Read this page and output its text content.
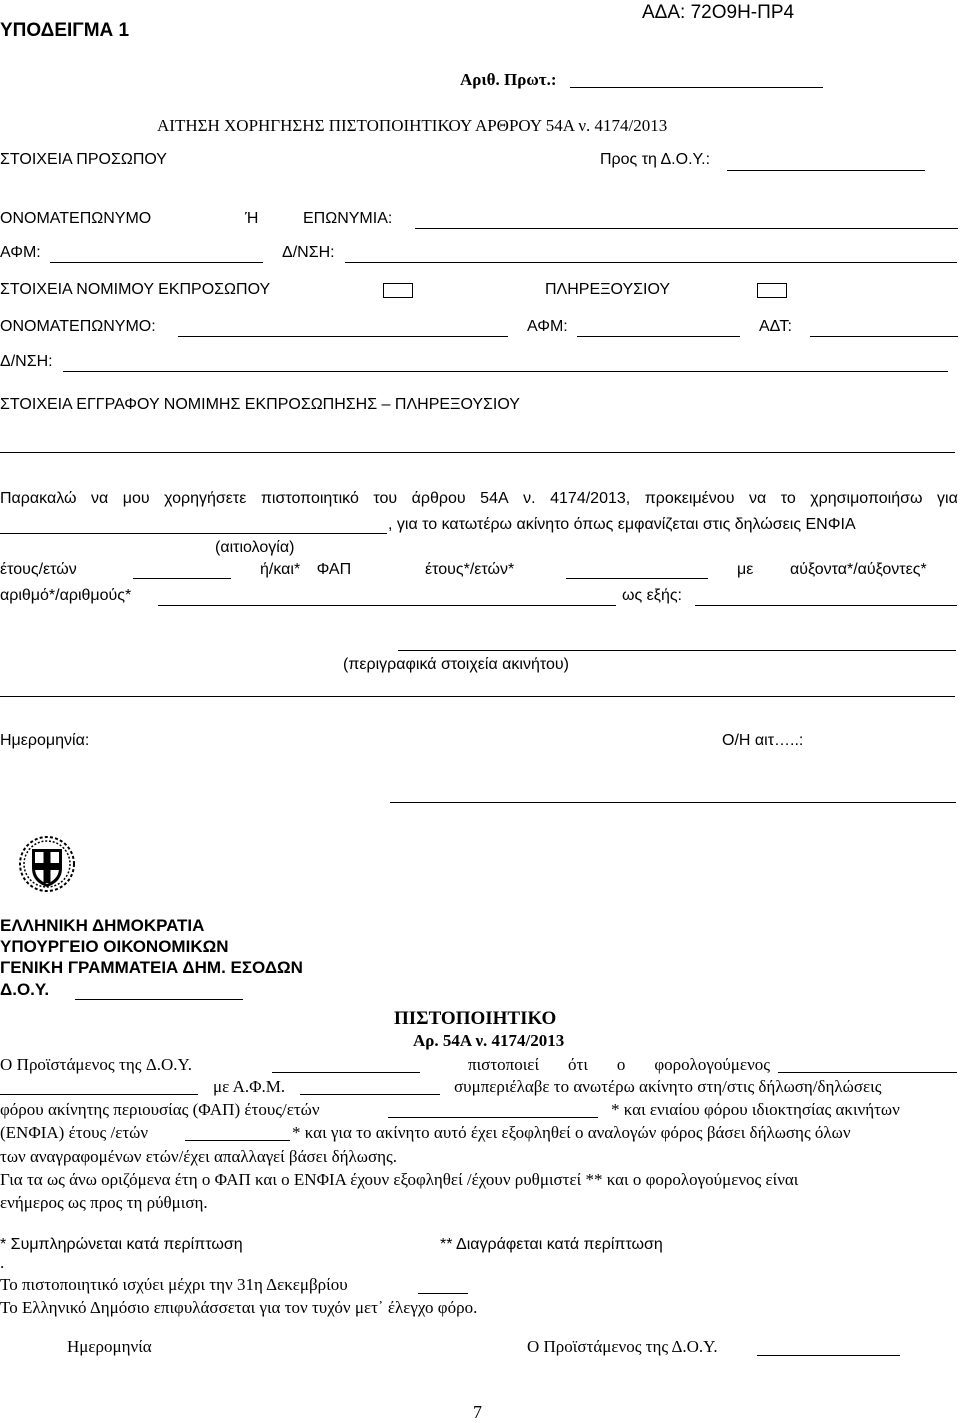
ΥΠΟΔΕΙΓΜΑ 1
ΑΔΑ: 72Ο9Η-ΠΡ4
Αριθ. Πρωτ.:
ΑΙΤΗΣΗ ΧΟΡΗΓΗΣΗΣ ΠΙΣΤΟΠΟΙΗΤΙΚΟΥ ΑΡΘΡΟΥ 54Α ν. 4174/2013
ΣΤΟΙΧΕΙΑ ΠΡΟΣΩΠΟΥ	Προς τη Δ.Ο.Υ.:
ΟΝΟΜΑΤΕΠΩΝΥΜΟ	Ή	ΕΠΩΝΥΜΙΑ:
ΑΦΜ:	Δ/ΝΣΗ:
ΣΤΟΙΧΕΙΑ ΝΟΜΙΜΟΥ ΕΚΠΡΟΣΩΠΟΥ	ΠΛΗΡΕΞΟΥΣΙΟΥ
ΟΝΟΜΑΤΕΠΩΝΥΜΟ:	ΑΦΜ:	ΑΔΤ:
Δ/ΝΣΗ:
ΣΤΟΙΧΕΙΑ ΕΓΓΡΑΦΟΥ ΝΟΜΙΜΗΣ ΕΚΠΡΟΣΩΠΗΣΗΣ – ΠΛΗΡΕΞΟΥΣΙΟΥ
Παρακαλώ να μου χορηγήσετε πιστοποιητικό του άρθρου 54Α ν. 4174/2013, προκειμένου να το χρησιμοποιήσω για
, για το κατωτέρω ακίνητο όπως εμφανίζεται στις δηλώσεις ΕΝΦΙΑ
(αιτιολογία)
έτους/ετών	ή/και* ΦΑΠ	έτους*/ετών*	με αύξοντα*/αύξοντες*
αριθμό*/αριθμούς*	ως εξής:
(περιγραφικά στοιχεία ακινήτου)
Ημερομηνία:	Ο/Η αιτ…..:
ΕΛΛΗΝΙΚΗ ΔΗΜΟΚΡΑΤΙΑ
ΥΠΟΥΡΓΕΙΟ ΟΙΚΟΝΟΜΙΚΩΝ
ΓΕΝΙΚΗ ΓΡΑΜΜΑΤΕΙΑ ΔΗΜ. ΕΣΟΔΩΝ
Δ.Ο.Υ.
ΠΙΣΤΟΠΟΙΗΤΙΚΟ
Αρ. 54Α ν. 4174/2013
Ο Προϊστάμενος της Δ.Ο.Υ.	πιστοποιεί ότι ο φορολογούμενος
με Α.Φ.Μ.	συμπεριέλαβε το ανωτέρω ακίνητο στη/στις δήλωση/δηλώσεις
φόρου ακίνητης περιουσίας (ΦΑΠ) έτους/ετών	* και ενιαίου φόρου ιδιοκτησίας ακινήτων
(ΕΝΦΙΑ) έτους /ετών	* και για το ακίνητο αυτό έχει εξοφληθεί ο αναλογών φόρος βάσει δήλωσης όλων
των αναγραφομένων ετών/έχει απαλλαγεί βάσει δήλωσης.
Για τα ως άνω οριζόμενα έτη ο ΦΑΠ και ο ΕΝΦΙΑ έχουν εξοφληθεί /έχουν ρυθμιστεί ** και ο φορολογούμενος είναι
ενήμερος ως προς τη ρύθμιση.
* Συμπληρώνεται κατά περίπτωση	** Διαγράφεται κατά περίπτωση
.
Το πιστοποιητικό ισχύει μέχρι την 31η Δεκεμβρίου
Το Ελληνικό Δημόσιο επιφυλάσσεται για τον τυχόν μετ᾽ έλεγχο φόρο.
Ημερομηνία	Ο Προϊστάμενος της Δ.Ο.Υ.
7
